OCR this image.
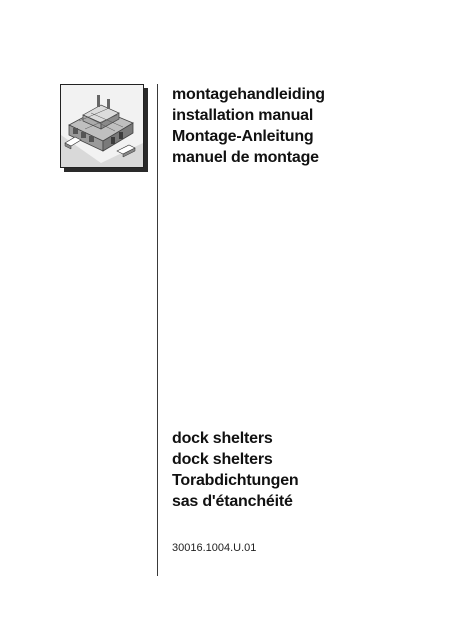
montagehandleiding
installation manual
Montage-Anleitung
manuel de montage
dock shelters
dock shelters
Torabdichtungen
sas d'étanchéité
30016.1004.U.01
